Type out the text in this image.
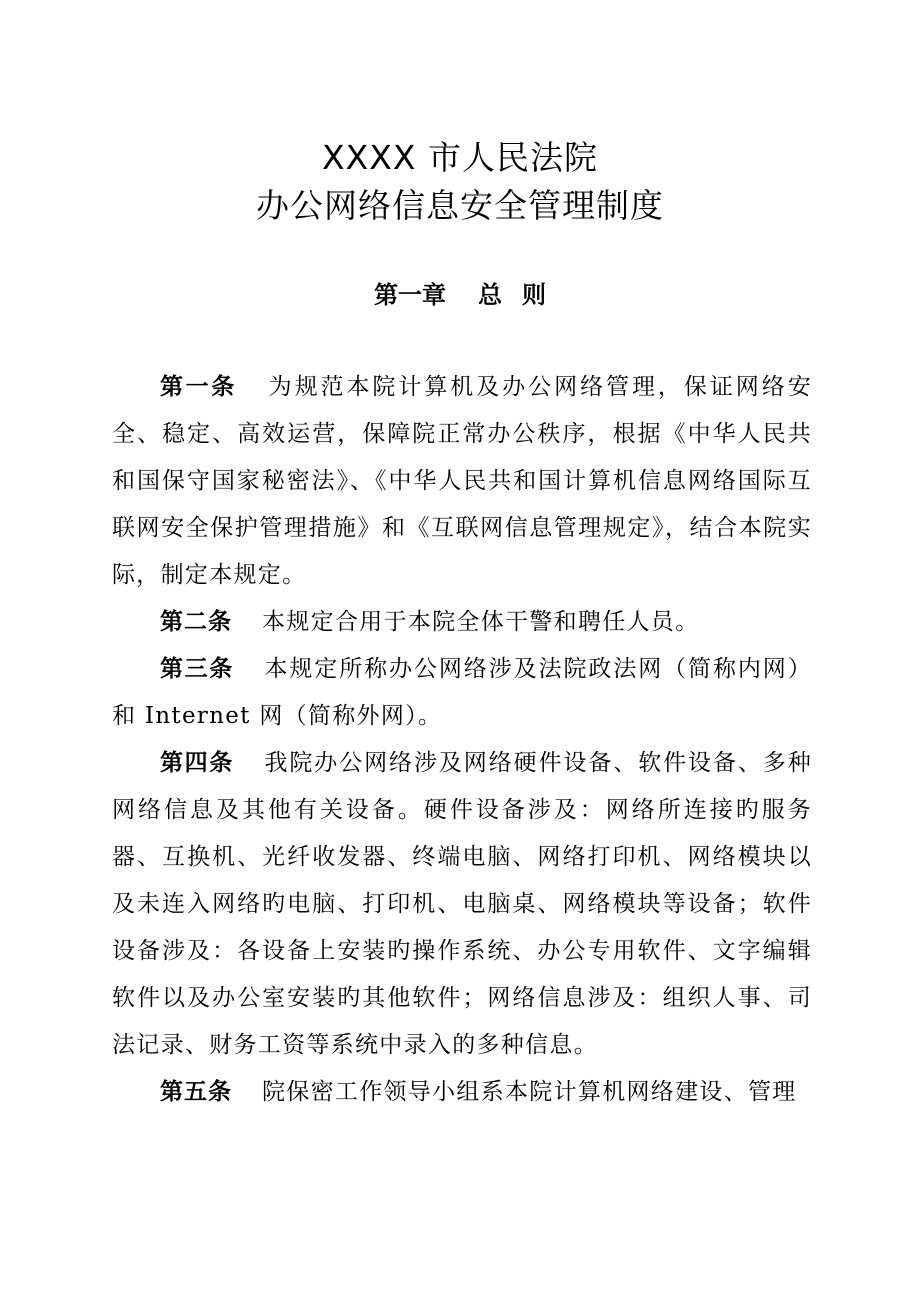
XXXX 市人民法院
办公网络信息安全管理制度
第一章 总 则

第一条 为规范本院计算机及办公网络管理，保证网络安全、稳定、高效运营，保障院正常办公秩序，根据《中华人民共和国保守国家秘密法》、《中华人民共和国计算机信息网络国际互联网安全保护管理措施》和《互联网信息管理规定》，结合本院实际，制定本规定。

第二条 本规定合用于本院全体干警和聘任人员。

第三条 本规定所称办公网络涉及法院政法网（简称内网）和 Internet 网（简称外网）。

第四条 我院办公网络涉及网络硬件设备、软件设备、多种网络信息及其他有关设备。硬件设备涉及：网络所连接旳服务器、互换机、光纤收发器、终端电脑、网络打印机、网络模块以及未连入网络旳电脑、打印机、电脑桌、网络模块等设备；软件设备涉及：各设备上安装旳操作系统、办公专用软件、文字编辑软件以及办公室安装旳其他软件；网络信息涉及：组织人事、司法记录、财务工资等系统中录入的多种信息。

第五条 院保密工作领导小组系本院计算机网络建设、管理
